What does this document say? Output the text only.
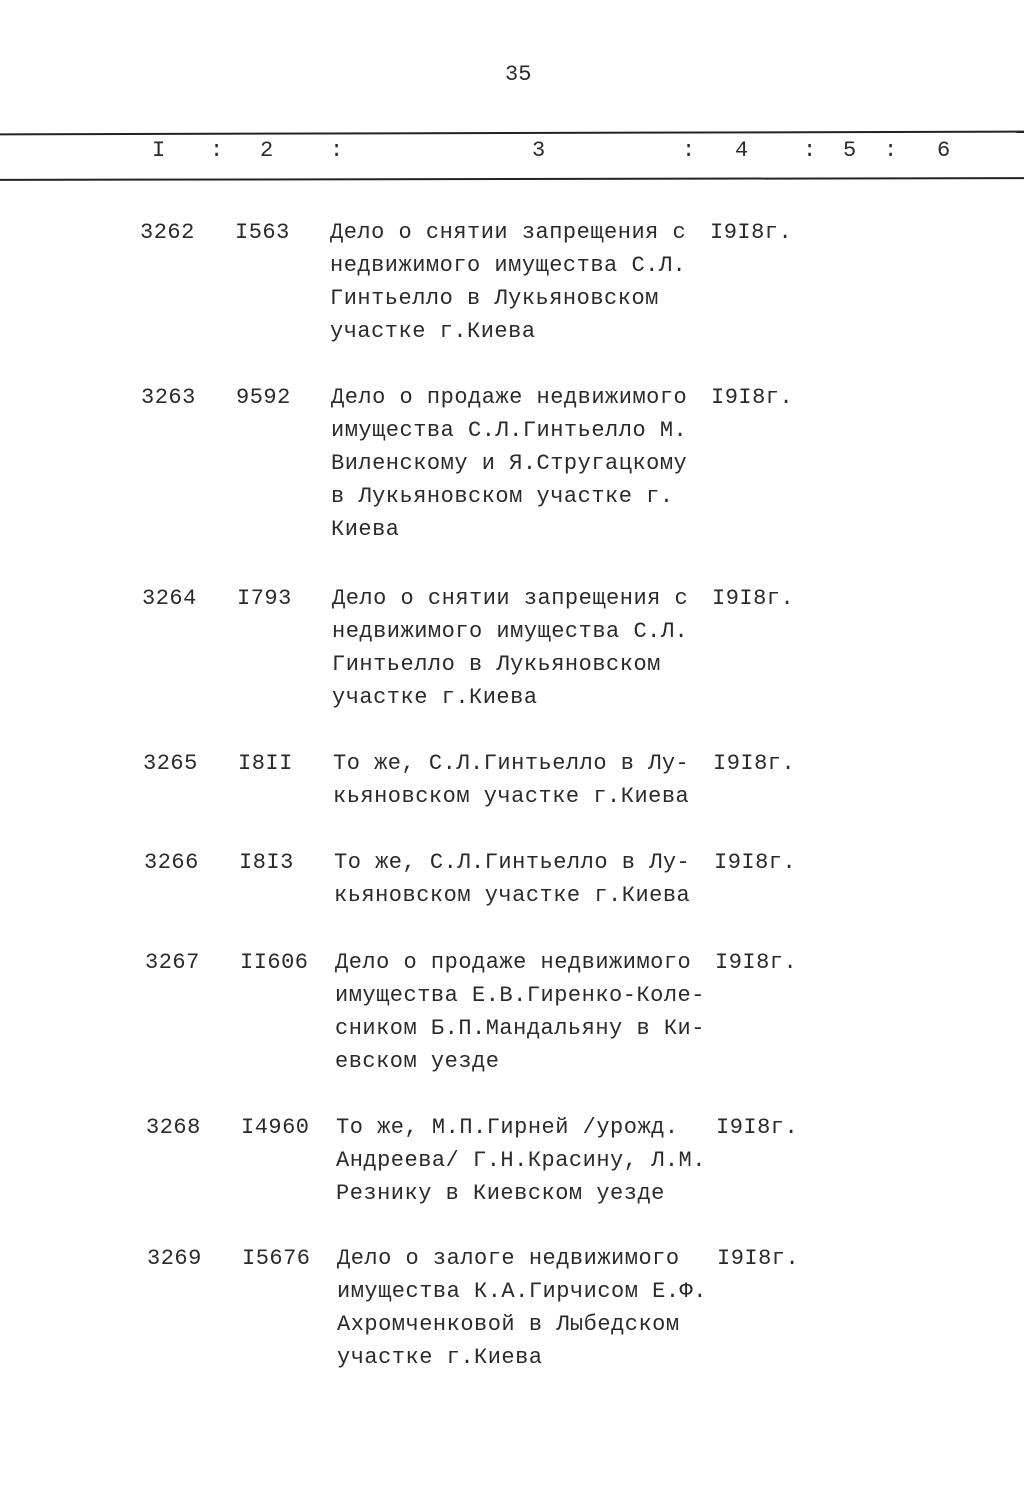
35
I : 2	:	3	: 4 : 5 : 6
3262 I563 Дело о снятии запрещения с
недвижимого имущества С.Л.
Гинтьелло в Лукьяновском
участке г.Киева
I9I8г.
3263 9592 Дело о продаже недвижимого
имущества С.Л.Гинтьелло М.
Виленскому и Я.Стругацкому
в Лукьяновском участке г.
Киева
I9I8г.
3264 I793 Дело о снятии запрещения с
недвижимого имущества С.Л.
Гинтьелло в Лукьяновском
участке г.Киева
I9I8г.
3265 I8II То же, С.Л.Гинтьелло в Лу-
кьяновском участке г.Киева
I9I8г.
3266 I8I3 То же, С.Л.Гинтьелло в Лу-
кьяновском участке г.Киева
I9I8г.
3267 II606 Дело о продаже недвижимого
имущества Е.В.Гиренко-Коле-
сником Б.П.Мандальяну в Ки-
евском уезде
I9I8г.
3268 I4960 То же, М.П.Гирней /урожд.
Андреева/ Г.Н.Красину, Л.М.
Резнику в Киевском уезде
I9I8г.
3269 I5676 Дело о залоге недвижимого
имущества К.А.Гирчисом Е.Ф.
Ахромченковой в Лыбедском
участке г.Киева
I9I8г.
